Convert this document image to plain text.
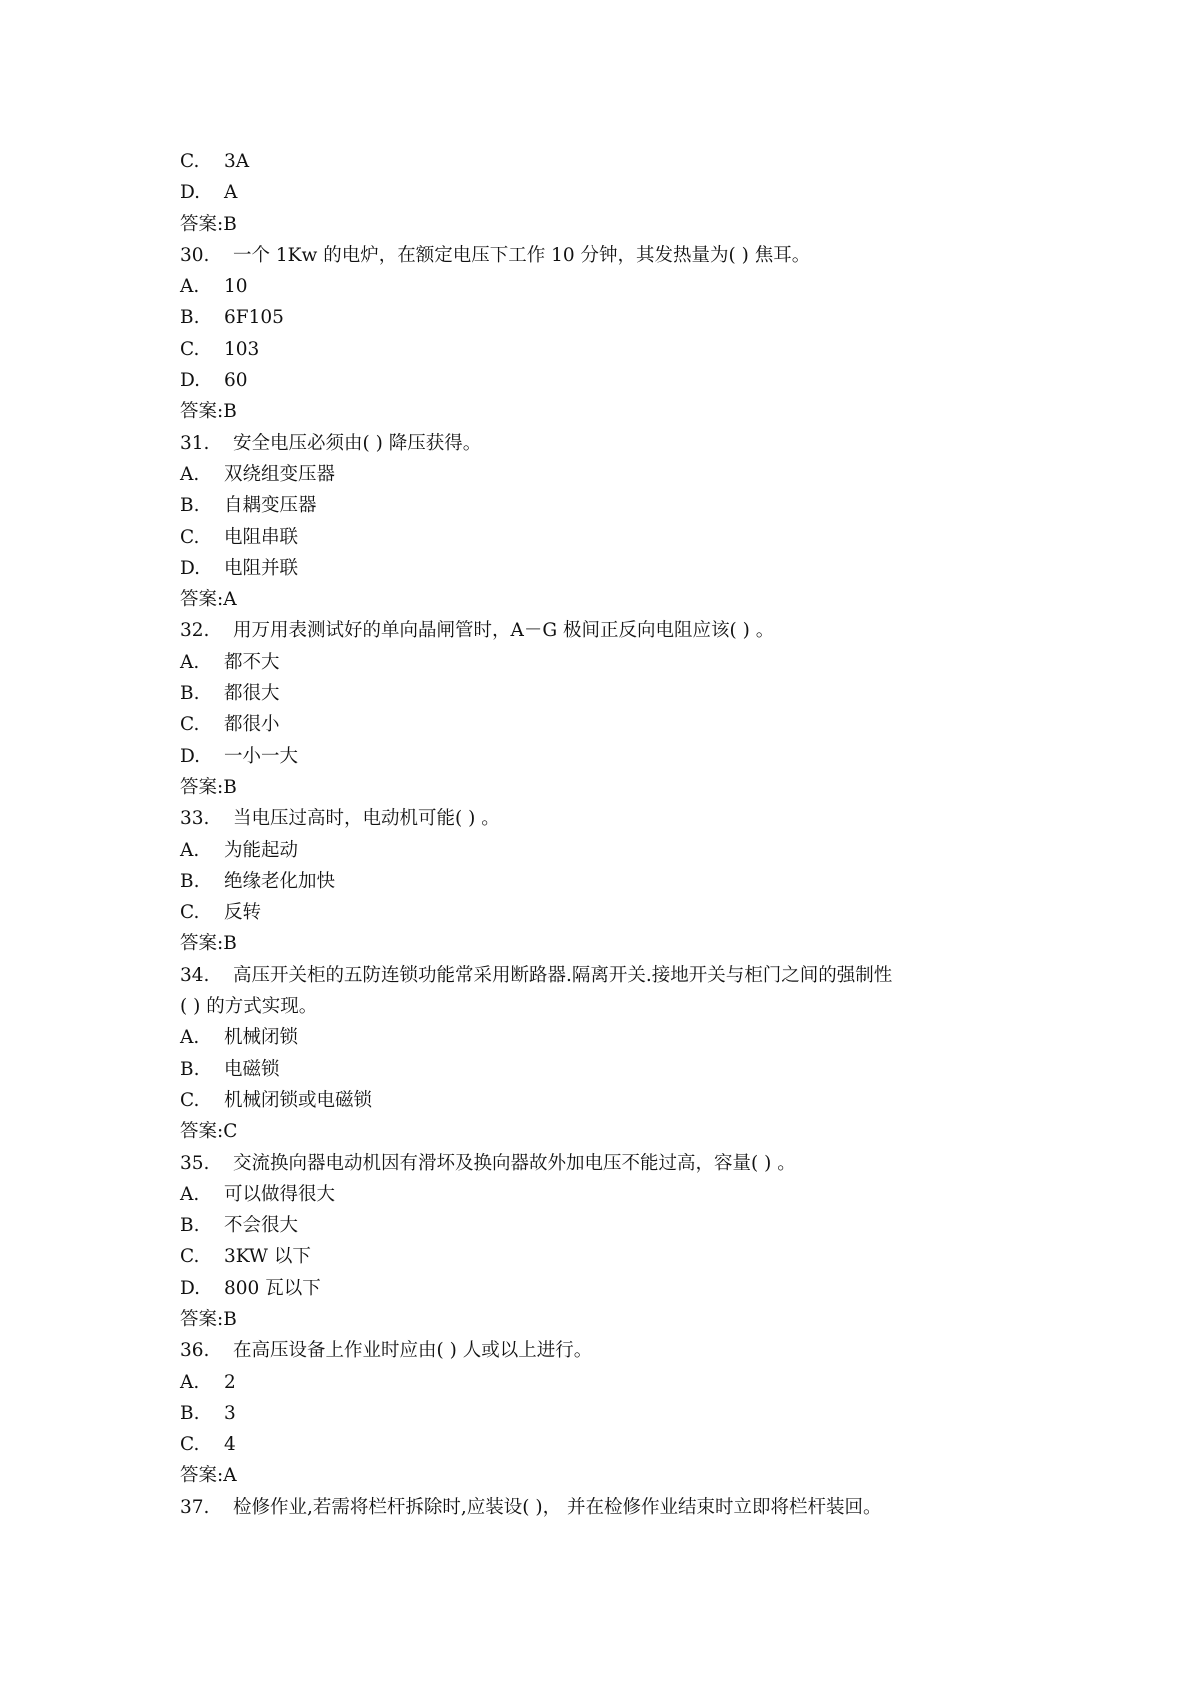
C. 3A
D. A
答案:B
30. 一个 1Kw 的电炉，在额定电压下工作 10 分钟，其发热量为( ) 焦耳。
A. 10
B. 6F105
C. 103
D. 60
答案:B
31. 安全电压必须由( ) 降压获得。
A. 双绕组变压器
B. 自耦变压器
C. 电阻串联
D. 电阻并联
答案:A
32. 用万用表测试好的单向晶闸管时，A－G 极间正反向电阻应该( ) 。
A. 都不大
B. 都很大
C. 都很小
D. 一小一大
答案:B
33. 当电压过高时，电动机可能( ) 。
A. 为能起动
B. 绝缘老化加快
C. 反转
答案:B
34. 高压开关柜的五防连锁功能常采用断路器.隔离开关.接地开关与柜门之间的强制性
( ) 的方式实现。
A. 机械闭锁
B. 电磁锁
C. 机械闭锁或电磁锁
答案:C
35. 交流换向器电动机因有滑坏及换向器故外加电压不能过高，容量( ) 。
A. 可以做得很大
B. 不会很大
C. 3KW 以下
D. 800 瓦以下
答案:B
36. 在高压设备上作业时应由( ) 人或以上进行。
A. 2
B. 3
C. 4
答案:A
37. 检修作业,若需将栏杆拆除时,应装设( )， 并在检修作业结束时立即将栏杆装回。
